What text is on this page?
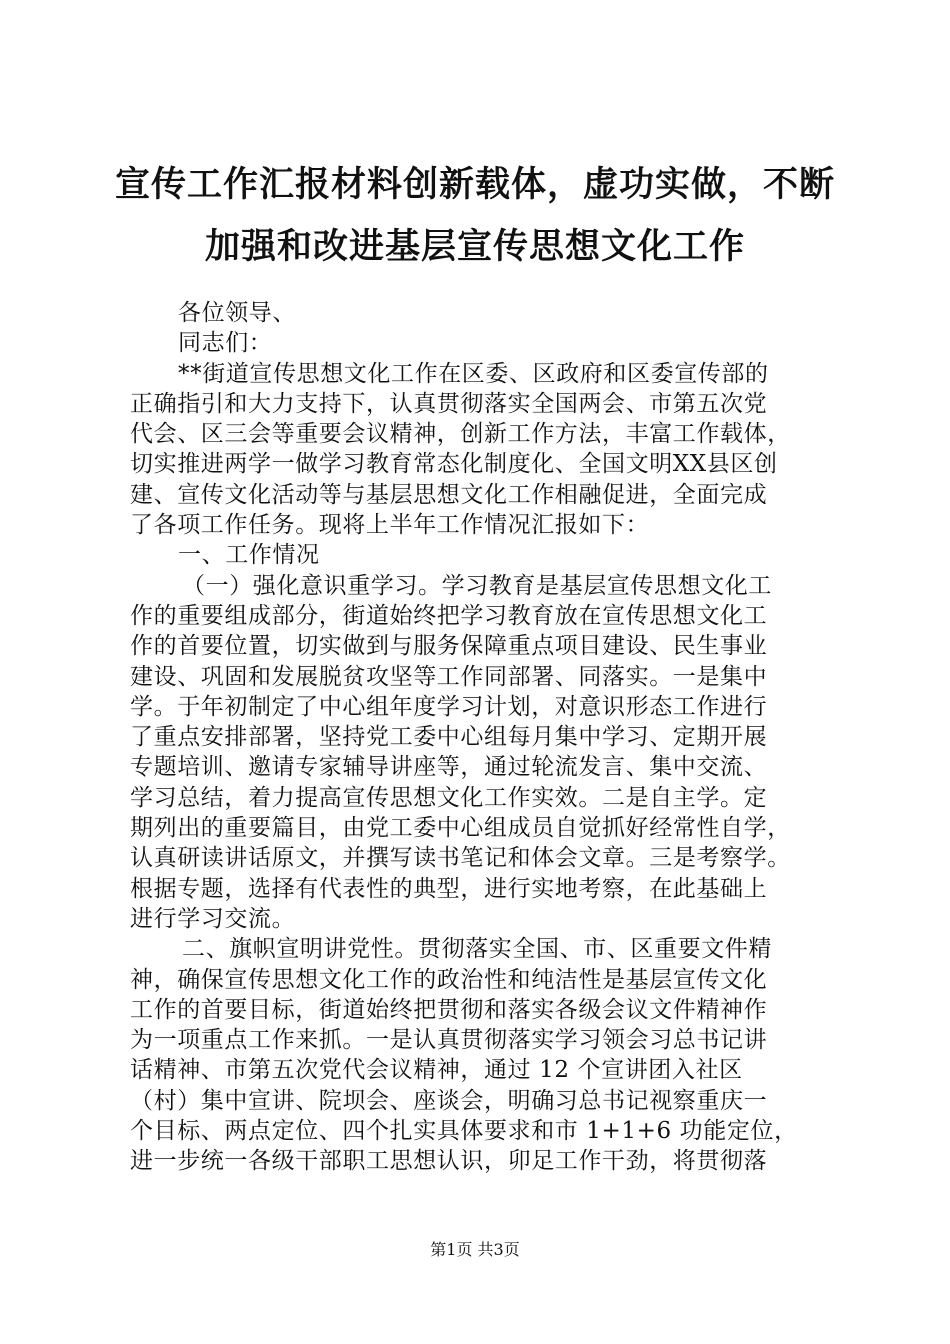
宣传工作汇报材料创新载体，虚功实做，不断
加强和改进基层宣传思想文化工作
各位领导、
同志们：
**街道宣传思想文化工作在区委、区政府和区委宣传部的
正确指引和大力支持下，认真贯彻落实全国两会、市第五次党
代会、区三会等重要会议精神，创新工作方法，丰富工作载体，
切实推进两学一做学习教育常态化制度化、全国文明XX县区创
建、宣传文化活动等与基层思想文化工作相融促进，全面完成
了各项工作任务。现将上半年工作情况汇报如下：
一、工作情况
（一）强化意识重学习。学习教育是基层宣传思想文化工
作的重要组成部分，街道始终把学习教育放在宣传思想文化工
作的首要位置，切实做到与服务保障重点项目建设、民生事业
建设、巩固和发展脱贫攻坚等工作同部署、同落实。一是集中
学。于年初制定了中心组年度学习计划，对意识形态工作进行
了重点安排部署，坚持党工委中心组每月集中学习、定期开展
专题培训、邀请专家辅导讲座等，通过轮流发言、集中交流、
学习总结，着力提高宣传思想文化工作实效。二是自主学。定
期列出的重要篇目，由党工委中心组成员自觉抓好经常性自学，
认真研读讲话原文，并撰写读书笔记和体会文章。三是考察学。
根据专题，选择有代表性的典型，进行实地考察，在此基础上
进行学习交流。
二、旗帜宣明讲党性。贯彻落实全国、市、区重要文件精
神，确保宣传思想文化工作的政治性和纯洁性是基层宣传文化
工作的首要目标，街道始终把贯彻和落实各级会议文件精神作
为一项重点工作来抓。一是认真贯彻落实学习领会习总书记讲
话精神、市第五次党代会议精神，通过 12 个宣讲团入社区
（村）集中宣讲、院坝会、座谈会，明确习总书记视察重庆一
个目标、两点定位、四个扎实具体要求和市 1+1+6 功能定位，
进一步统一各级干部职工思想认识，卯足工作干劲，将贯彻落
第1页 共3页
